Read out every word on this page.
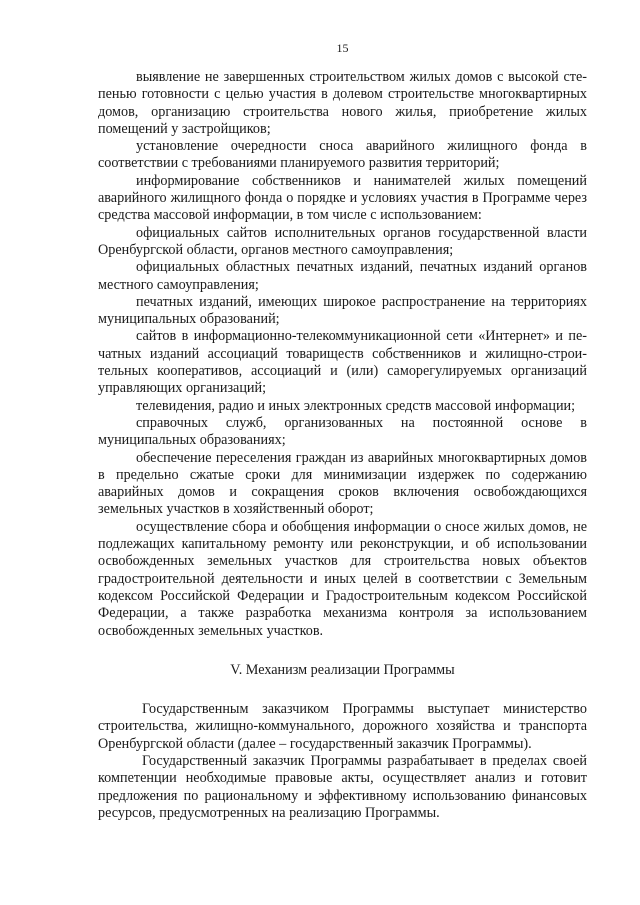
15

выявление не завершенных строительством жилых домов с высокой степенью готовности с целью участия в долевом строительстве многоквартирных домов, организацию строительства нового жилья, приобретение жилых помещений у застройщиков;

установление очередности сноса аварийного жилищного фонда в соответствии с требованиями планируемого развития территорий;

информирование собственников и нанимателей жилых помещений аварийного жилищного фонда о порядке и условиях участия в Программе через средства массовой информации, в том числе с использованием:

официальных сайтов исполнительных органов государственной власти Оренбургской области, органов местного самоуправления;

официальных областных печатных изданий, печатных изданий органов местного самоуправления;

печатных изданий, имеющих широкое распространение на территориях муниципальных образований;

сайтов в информационно-телекоммуникационной сети «Интернет» и печатных изданий ассоциаций товариществ собственников и жилищно-строительных кооперативов, ассоциаций и (или) саморегулируемых организаций управляющих организаций;

телевидения, радио и иных электронных средств массовой информации;

справочных служб, организованных на постоянной основе в муниципальных образованиях;

обеспечение переселения граждан из аварийных многоквартирных домов в предельно сжатые сроки для минимизации издержек по содержанию аварийных домов и сокращения сроков включения освобождающихся земельных участков в хозяйственный оборот;

осуществление сбора и обобщения информации о сносе жилых домов, не подлежащих капитальному ремонту или реконструкции, и об использовании освобожденных земельных участков для строительства новых объектов градостроительной деятельности и иных целей в соответствии с Земельным кодексом Российской Федерации и Градостроительным кодексом Российской Федерации, а также разработка механизма контроля за использованием освобожденных земельных участков.

V. Механизм реализации Программы

Государственным заказчиком Программы выступает министерство строительства, жилищно-коммунального, дорожного хозяйства и транспорта Оренбургской области (далее – государственный заказчик Программы).

Государственный заказчик Программы разрабатывает в пределах своей компетенции необходимые правовые акты, осуществляет анализ и готовит предложения по рациональному и эффективному использованию финансовых ресурсов, предусмотренных на реализацию Программы.
